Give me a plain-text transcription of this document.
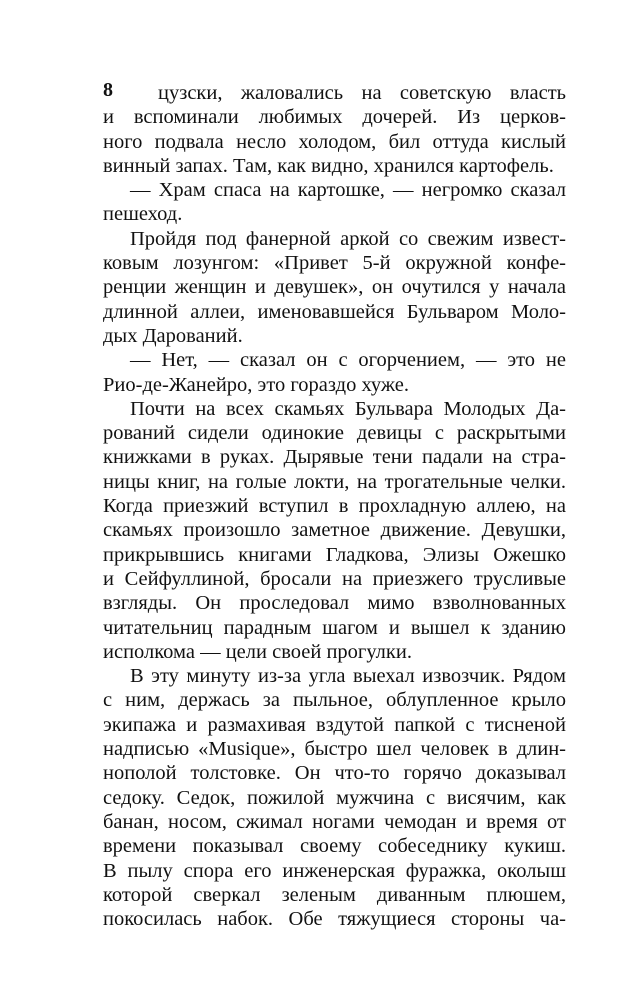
8	цузски, жаловались на советскую власть
и вспоминали любимых дочерей. Из церков-
ного подвала несло холодом, бил оттуда кислый
винный запах. Там, как видно, хранился картофель.
— Храм спаса на картошке, — негромко сказал
пешеход.
Пройдя под фанерной аркой со свежим извест-
ковым лозунгом: «Привет 5-й окружной конфе-
ренции женщин и девушек», он очутился у начала
длинной аллеи, именовавшейся Бульваром Моло-
дых Дарований.
— Нет, — сказал он с огорчением, — это не
Рио-де-Жанейро, это гораздо хуже.
Почти на всех скамьях Бульвара Молодых Да-
рований сидели одинокие девицы с раскрытыми
книжками в руках. Дырявые тени падали на стра-
ницы книг, на голые локти, на трогательные челки.
Когда приезжий вступил в прохладную аллею, на
скамьях произошло заметное движение. Девушки,
прикрывшись книгами Гладкова, Элизы Ожешко
и Сейфуллиной, бросали на приезжего трусливые
взгляды. Он проследовал мимо взволнованных
читательниц парадным шагом и вышел к зданию
исполкома — цели своей прогулки.
В эту минуту из-за угла выехал извозчик. Рядом
с ним, держась за пыльное, облупленное крыло
экипажа и размахивая вздутой папкой с тисненой
надписью «Musique», быстро шел человек в длин-
нополой толстовке. Он что-то горячо доказывал
седоку. Седок, пожилой мужчина с висячим, как
банан, носом, сжимал ногами чемодан и время от
времени показывал своему собеседнику кукиш.
В пылу спора его инженерская фуражка, околыш
которой сверкал зеленым диванным плюшем,
покосилась набок. Обе тяжущиеся стороны ча-
